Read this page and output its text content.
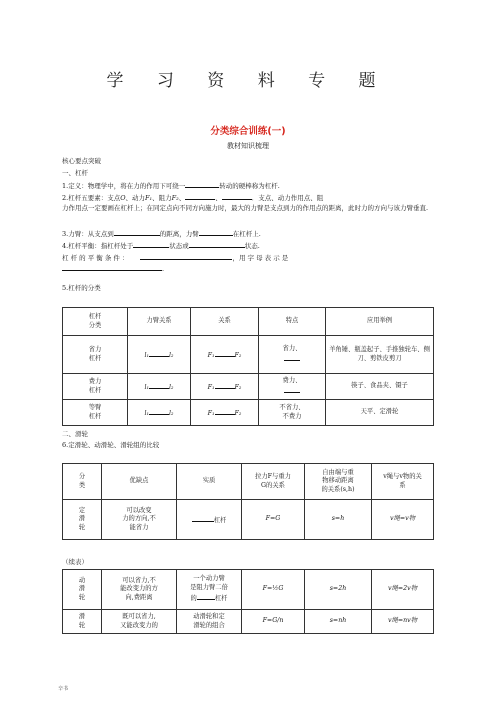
学 习 资 料 专 题
分类综合训练(一)
教材知识梳理
核心要点突破
一、杠杆
1.定义：物理学中，将在力的作用下可绕一	转动的硬棒称为杠杆.
2.杠杆五要素：支点O、动力F₁、阻力F₂、	、	．支点、动力作用点、阻
力作用点一定要画在杠杆上；在同定点向不同方向施力时，最大的力臂是支点到力的作用点的距离，此时力的方向与该力臂垂直.
3.力臂：从支点到	的距离，力臂	在杠杆上.
4.杠杆平衡：指杠杆处于	状态或	状态.
杠 杆 的 平 衡 条 件 ：	，用 字 母 表 示 是
.
5.杠杆的分类
杠杆
分类	力臂关系	关系	特点	应用举例
省力
杠杆	l₁ l₂	F₁ F₂	省力、	羊角锤、瓶盖起子、手推独轮车、侧刀、剪铁皮剪刀
费力
杠杆	l₁ l₂	F₁ F₂	费力、	筷子、食品夹、镊子
等臂
杠杆	l₁ l₂	F₁ F₂	不省力、
不费力	天平、定滑轮
二、滑轮
6.定滑轮、动滑轮、滑轮组的比较
分
类	优缺点	实质	拉力F与重力
G的关系	自由端与重
物移动距离
的关系(s,h)	v绳与v物的关
系
定
滑
轮	可以改变
力的方向,不
能省力	杠杆	F=G	s=h	v绳=v物
（续表）
动
滑
轮	可以省力,不
能改变力的方
向,费距离	一个动力臂
是阻力臂二倍
的 杠杆	F=½G	s=2h	v绳=2v物
滑
轮	既可以省力,
又能改变力的	动滑轮和定
滑轮的组合	F=G/n	s=nh	v绳=nv物
辛书
